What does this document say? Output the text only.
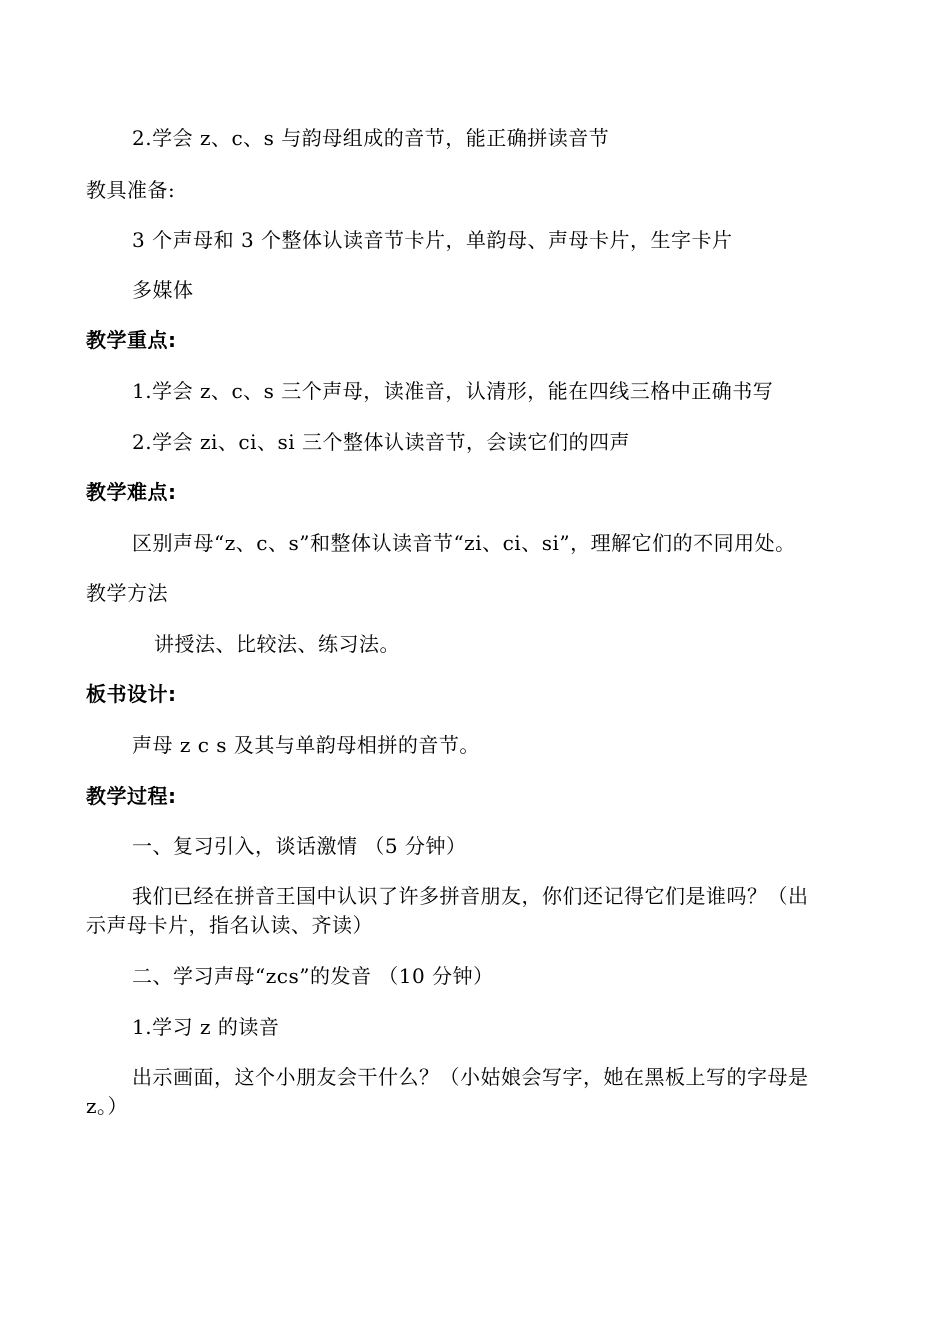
2.学会 z、c、s 与韵母组成的音节，能正确拼读音节
教具准备:
3 个声母和 3 个整体认读音节卡片，单韵母、声母卡片，生字卡片
多媒体
教学重点:
1.学会 z、c、s 三个声母，读准音，认清形，能在四线三格中正确书写
2.学会 zi、ci、si 三个整体认读音节，会读它们的四声
教学难点:
区别声母“z、c、s”和整体认读音节“zi、ci、si”，理解它们的不同用处。
教学方法
讲授法、比较法、练习法。
板书设计:
声母 z c s 及其与单韵母相拼的音节。
教学过程:
一、复习引入，谈话激情 （5 分钟）
我们已经在拼音王国中认识了许多拼音朋友，你们还记得它们是谁吗？（出
示声母卡片，指名认读、齐读）
二、学习声母“zcs”的发音 （10 分钟）
1.学习 z 的读音
出示画面，这个小朋友会干什么？（小姑娘会写字，她在黑板上写的字母是
z。）
